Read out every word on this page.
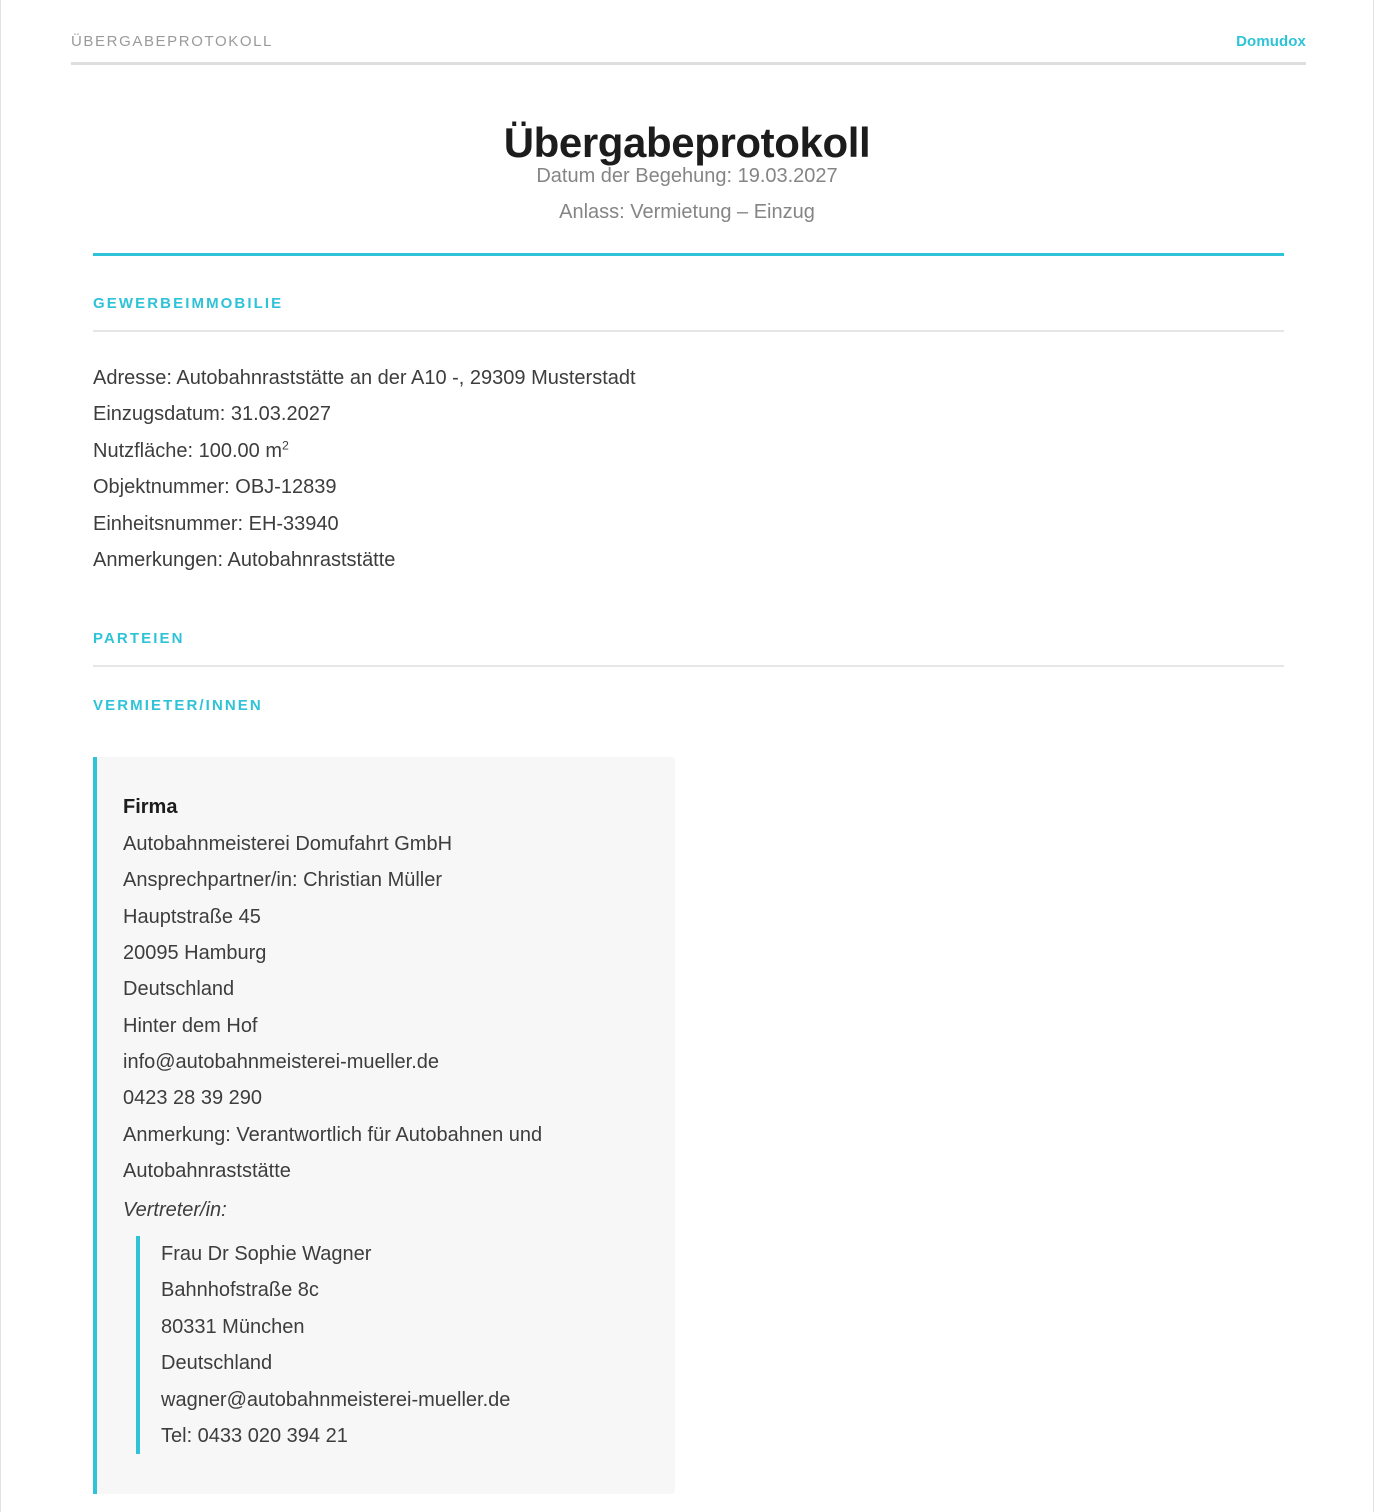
ÜBERGABEPROTOKOLL	Domudox
Übergabeprotokoll
Datum der Begehung: 19.03.2027
Anlass: Vermietung – Einzug
GEWERBEIMMOBILIE
Adresse: Autobahnraststätte an der A10 -, 29309 Musterstadt
Einzugsdatum: 31.03.2027
Nutzfläche: 100.00 $m^2$
Objektnummer: OBJ-12839
Einheitsnummer: EH-33940
Anmerkungen: Autobahnraststätte
PARTEIEN
VERMIETER/INNEN
Firma
Autobahnmeisterei Domufahrt GmbH
Ansprechpartner/in: Christian Müller
Hauptstraße 45
20095 Hamburg
Deutschland
Hinter dem Hof
info@autobahnmeisterei-mueller.de
0423 28 39 290
Anmerkung: Verantwortlich für Autobahnen und Autobahnraststätte
Vertreter/in:
Frau Dr Sophie Wagner
Bahnhofstraße 8c
80331 München
Deutschland
wagner@autobahnmeisterei-mueller.de
Tel: 0433 020 394 21
